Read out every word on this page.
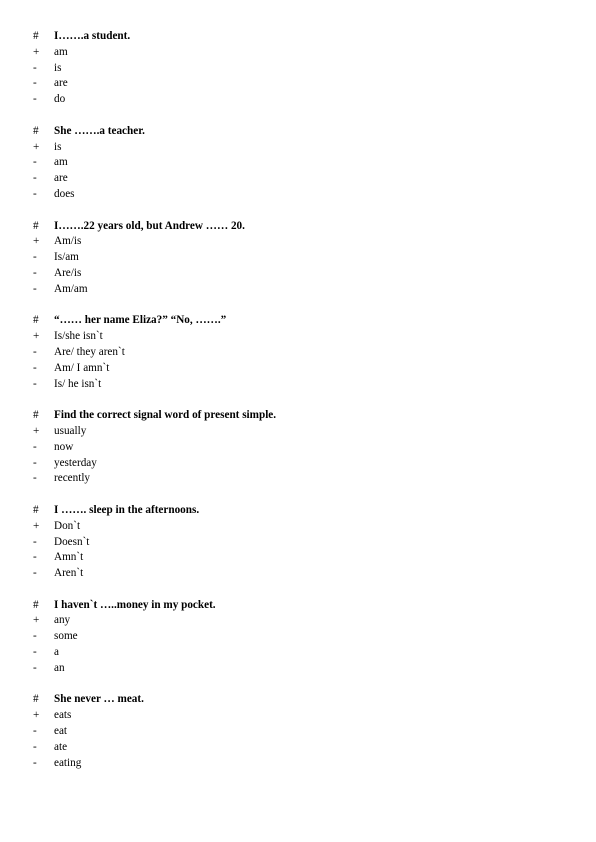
#	I…….a student.
+	am
-	is
-	are
-	do
#	She …….a teacher.
+	is
-	am
-	are
-	does
#	I…….22 years old, but Andrew …… 20.
+	Am/is
-	Is/am
-	Are/is
-	Am/am
#	“…… her name Eliza?” “No, …….”
+	Is/she isn`t
-	Are/ they aren`t
-	Am/ I amn`t
-	Is/ he isn`t
#	Find the correct signal word of present simple.
+	usually
-	now
-	yesterday
-	recently
#	I ……. sleep in the afternoons.
+	Don`t
-	Doesn`t
-	Amn`t
-	Aren`t
#	I haven`t …..money in my pocket.
+	any
-	some
-	a
-	an
#	She never … meat.
+	eats
-	eat
-	ate
-	eating
